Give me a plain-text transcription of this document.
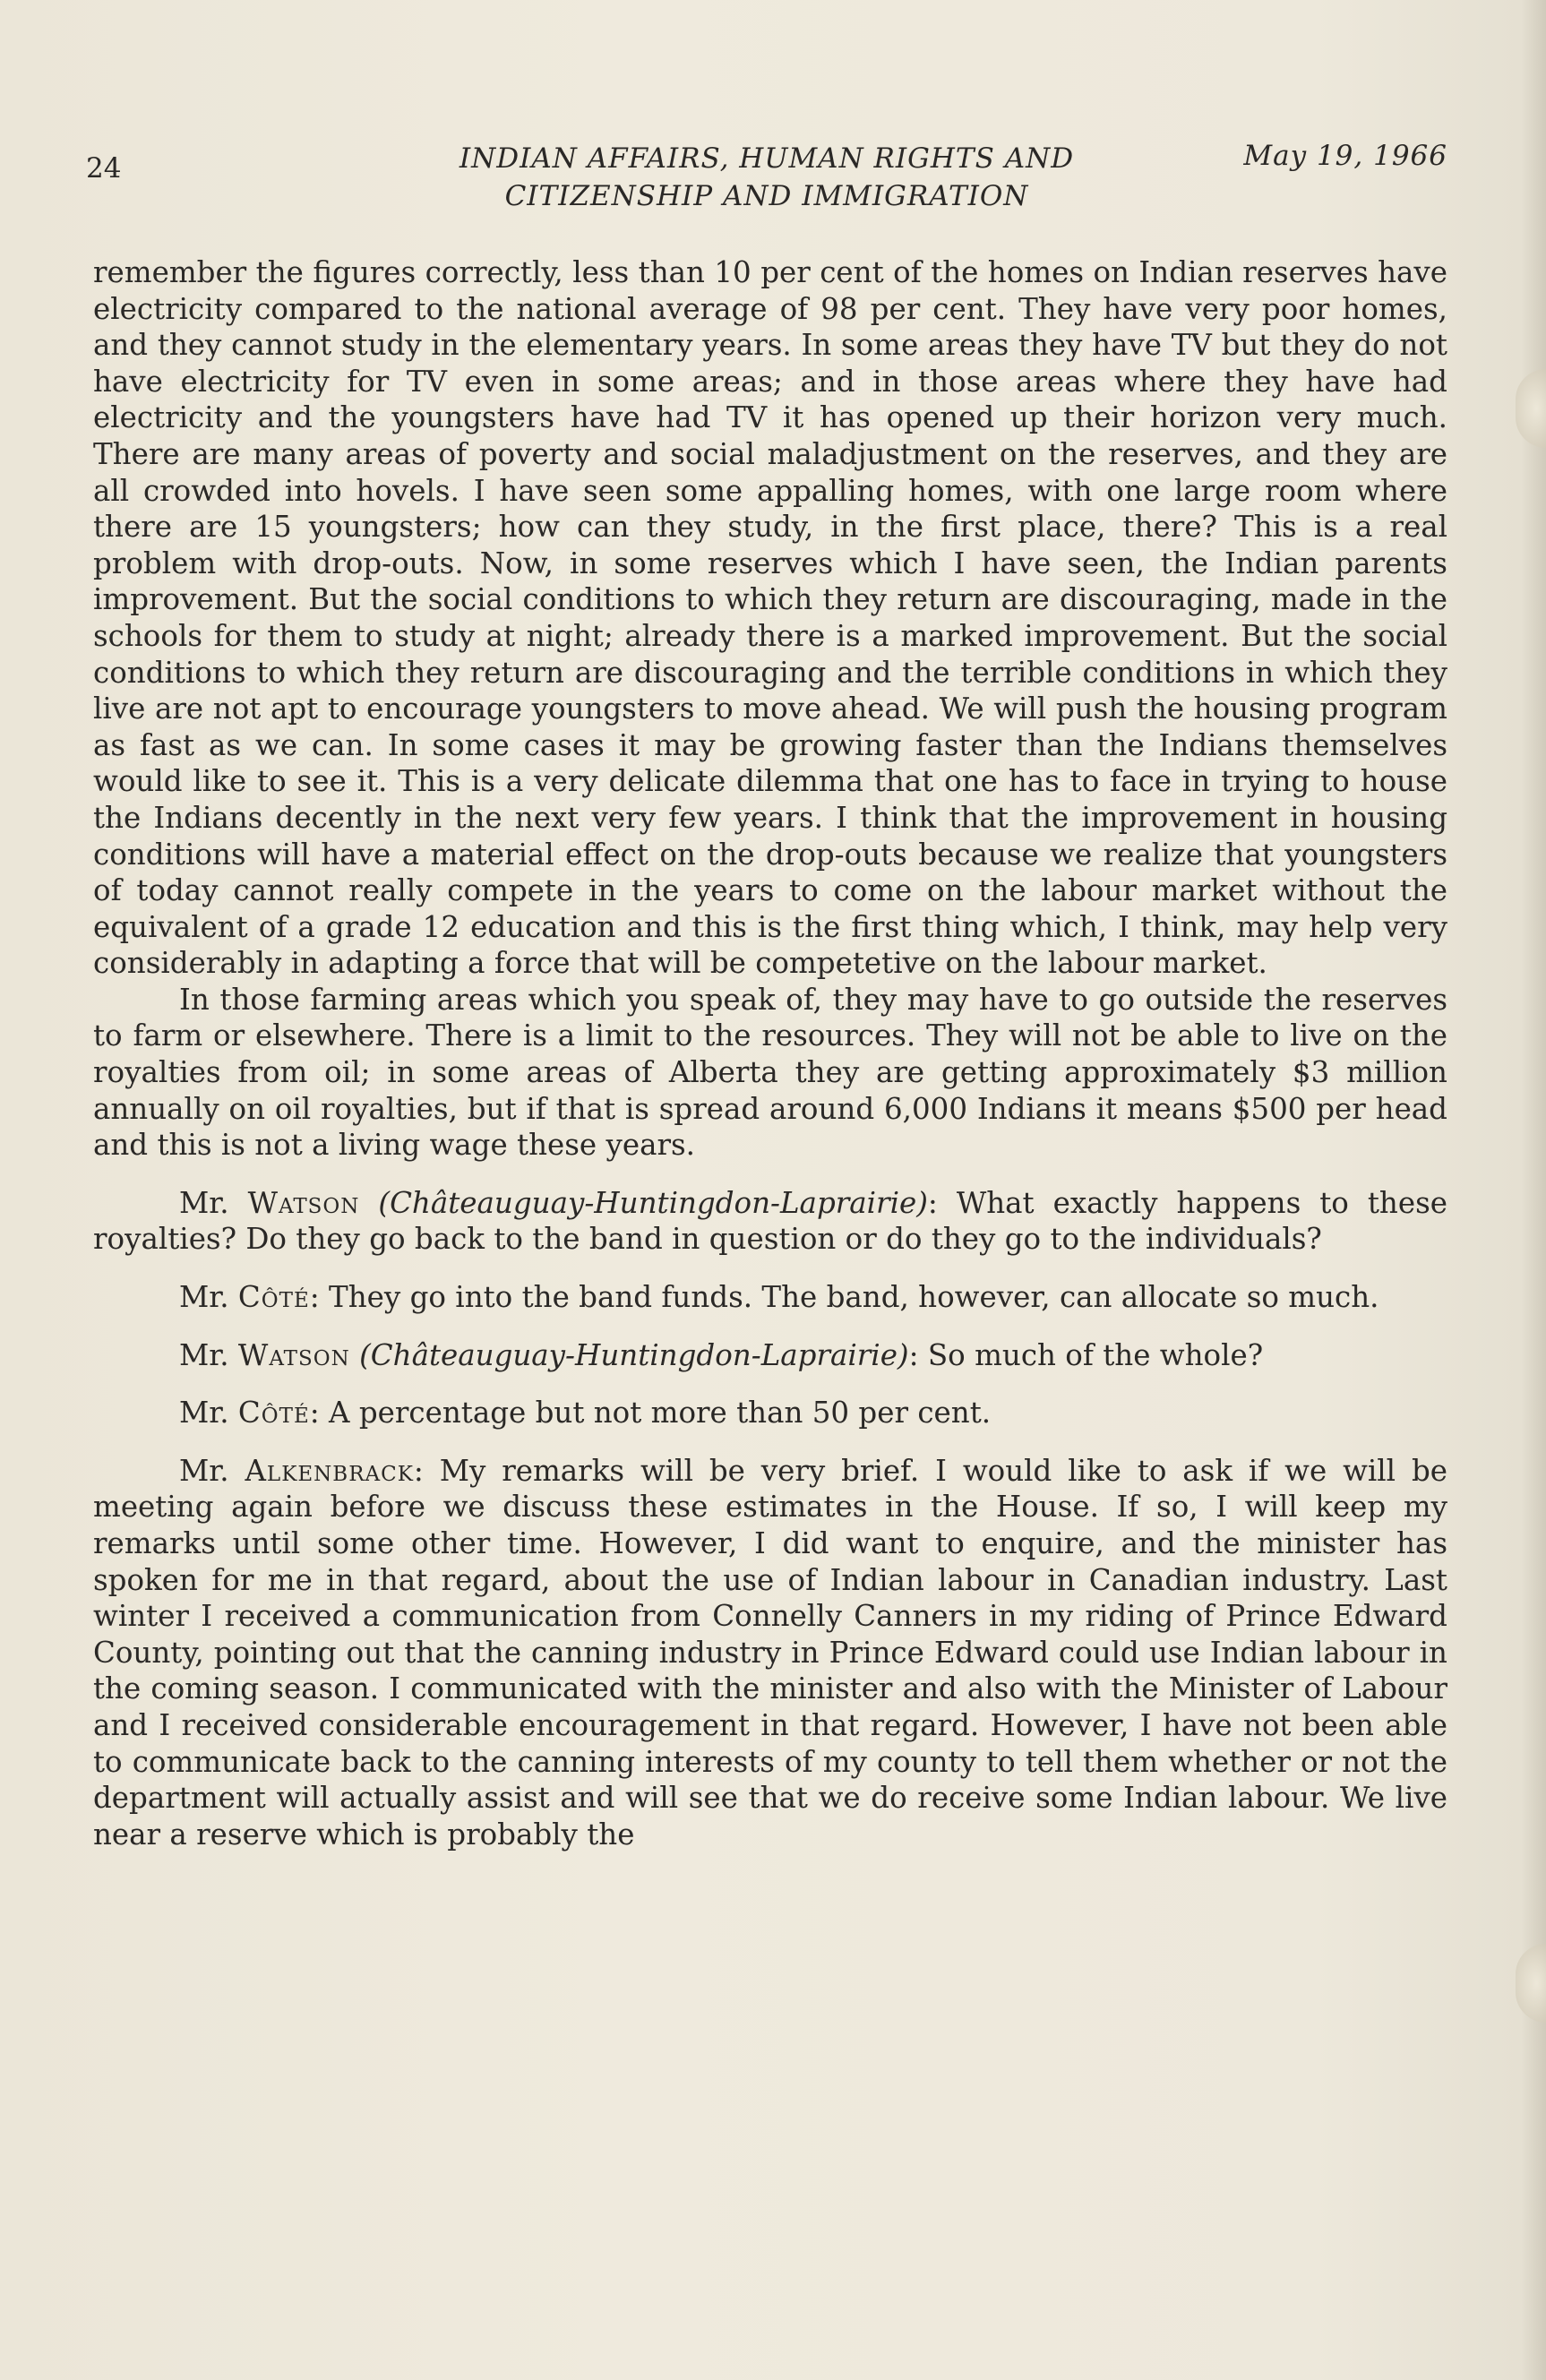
24	INDIAN AFFAIRS, HUMAN RIGHTS AND
CITIZENSHIP AND IMMIGRATION
May 19, 1966

remember the figures correctly, less than 10 per cent of the homes on Indian reserves have electricity compared to the national average of 98 per cent. They have very poor homes, and they cannot study in the elementary years. In some areas they have TV but they do not have electricity for TV even in some areas; and in those areas where they have had electricity and the youngsters have had TV it has opened up their horizon very much. There are many areas of poverty and social maladjustment on the reserves, and they are all crowded into hovels. I have seen some appalling homes, with one large room where there are 15 youngsters; how can they study, in the first place, there? This is a real problem with drop-outs. Now, in some reserves which I have seen, the Indian parents improvement. But the social conditions to which they return are discouraging, made in the schools for them to study at night; already there is a marked improvement. But the social conditions to which they return are discouraging and the terrible conditions in which they live are not apt to encourage youngsters to move ahead. We will push the housing program as fast as we can. In some cases it may be growing faster than the Indians themselves would like to see it. This is a very delicate dilemma that one has to face in trying to house the Indians decently in the next very few years. I think that the improvement in housing conditions will have a material effect on the drop-outs because we realize that youngsters of today cannot really compete in the years to come on the labour market without the equivalent of a grade 12 education and this is the first thing which, I think, may help very considerably in adapting a force that will be competetive on the labour market.

In those farming areas which you speak of, they may have to go outside the reserves to farm or elsewhere. There is a limit to the resources. They will not be able to live on the royalties from oil; in some areas of Alberta they are getting approximately $3 million annually on oil royalties, but if that is spread around 6,000 Indians it means $500 per head and this is not a living wage these years.

Mr. Watson (Châteauguay-Huntingdon-Laprairie): What exactly happens to these royalties? Do they go back to the band in question or do they go to the individuals?

Mr. Côté: They go into the band funds. The band, however, can allocate so much.

Mr. Watson (Châteauguay-Huntingdon-Laprairie): So much of the whole?

Mr. Côté: A percentage but not more than 50 per cent.

Mr. Alkenbrack: My remarks will be very brief. I would like to ask if we will be meeting again before we discuss these estimates in the House. If so, I will keep my remarks until some other time. However, I did want to enquire, and the minister has spoken for me in that regard, about the use of Indian labour in Canadian industry. Last winter I received a communication from Connelly Canners in my riding of Prince Edward County, pointing out that the canning industry in Prince Edward could use Indian labour in the coming season. I communicated with the minister and also with the Minister of Labour and I received considerable encouragement in that regard. However, I have not been able to communicate back to the canning interests of my county to tell them whether or not the department will actually assist and will see that we do receive some Indian labour. We live near a reserve which is probably the
